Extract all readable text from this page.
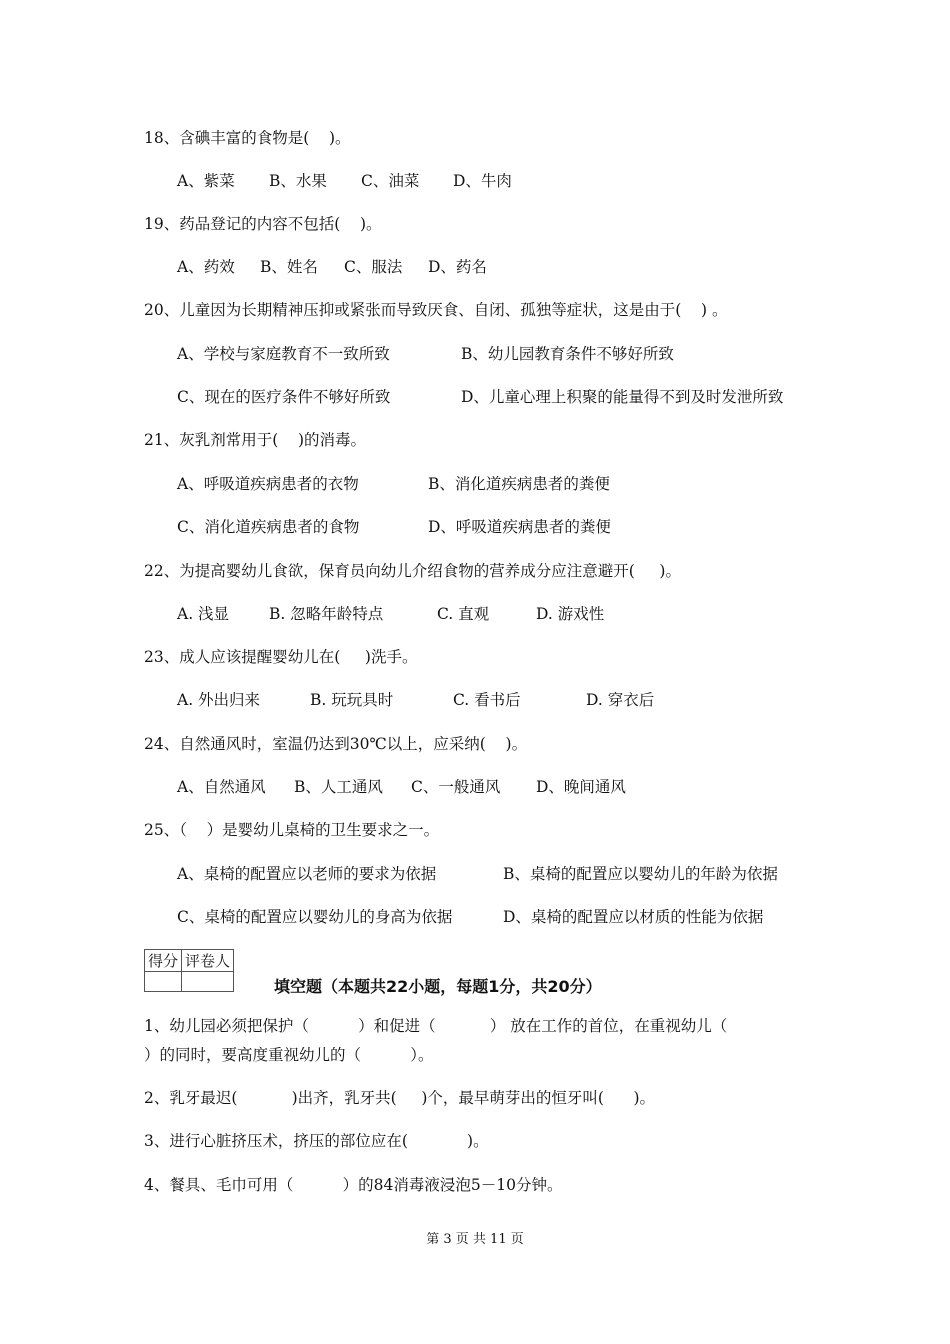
18、含碘丰富的食物是(    )。

A、紫菜

B、水果

C、油菜

D、牛肉

19、药品登记的内容不包括(    )。

A、药效

B、姓名

C、服法

D、药名

20、儿童因为长期精神压抑或紧张而导致厌食、自闭、孤独等症状，这是由于(    ) 。

A、学校与家庭教育不一致所致

	B、幼儿园教育条件不够好所致

C、现在的医疗条件不够好所致

	D、儿童心理上积聚的能量得不到及时发泄所致

21、灰乳剂常用于(    )的消毒。

A、呼吸道疾病患者的衣物

	B、消化道疾病患者的粪便

C、消化道疾病患者的食物

	D、呼吸道疾病患者的粪便

22、为提高婴幼儿食欲，保育员向幼儿介绍食物的营养成分应注意避开(     )。

A. 浅显

	B. 忽略年龄特点

	C. 直观

	D. 游戏性

23、成人应该提醒婴幼儿在(     )洗手。

A. 外出归来

	B. 玩玩具时

	C. 看书后

	D. 穿衣后

24、自然通风时，室温仍达到30℃以上，应采纳(    )。

A、自然通风

B、人工通风

C、一般通风

D、晚间通风

25、（    ）是婴幼儿桌椅的卫生要求之一。

A、桌椅的配置应以老师的要求为依据

	B、桌椅的配置应以婴幼儿的年龄为依据

C、桌椅的配置应以婴幼儿的身高为依据

	D、桌椅的配置应以材质的性能为依据

得分	评卷人

填空题（本题共22小题，每题1分，共20分）
1、幼儿园必须把保护（          ）和促进（           ） 放在工作的首位，在重视幼儿（
）的同时，要高度重视幼儿的（          ）。
2、乳牙最迟(           )出齐，乳牙共(     )个，最早萌芽出的恒牙叫(      )。
3、进行心脏挤压术，挤压的部位应在(            )。
4、餐具、毛巾可用（          ）的84消毒液浸泡5－10分钟。
第 3 页 共 11 页
